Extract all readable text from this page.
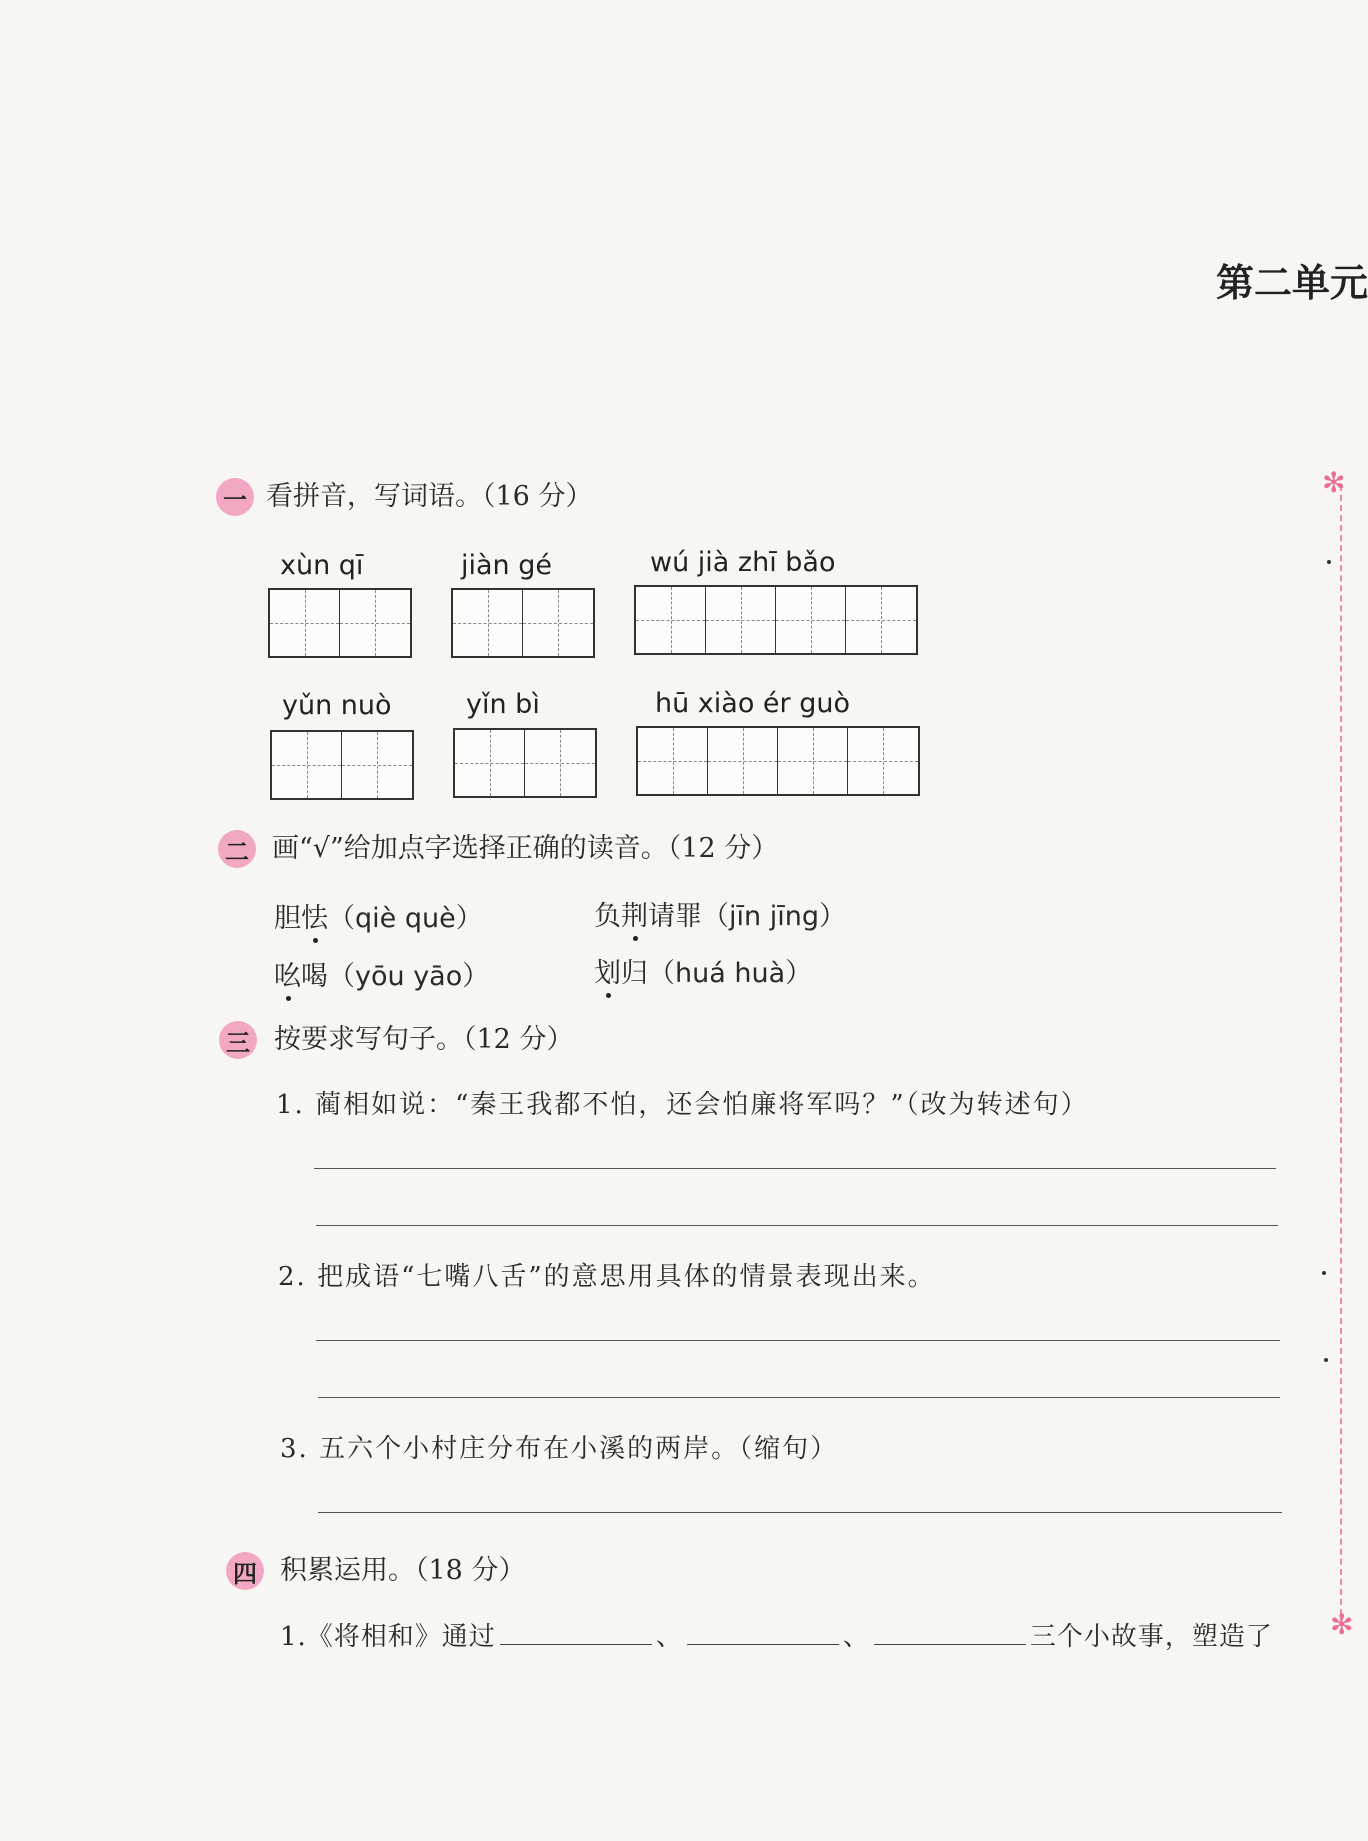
第二单元
✻
✻
一 看拼音，写词语。（16 分）
xùn qī	jiàn gé	wú jià zhī bǎo
yǔn nuò	yǐn bì	hū xiào ér guò
二 画“√”给加点字选择正确的读音。（12 分）
胆怯（qiè què）	负荆请罪（jīn jīng）
吆喝（yōu yāo）	划归（huá huà）
三 按要求写句子。（12 分）
1. 蔺相如说：“秦王我都不怕，还会怕廉将军吗？”（改为转述句）
2. 把成语“七嘴八舌”的意思用具体的情景表现出来。
3. 五六个小村庄分布在小溪的两岸。（缩句）
四 积累运用。（18 分）
1.《将相和》通过	、	、	三个小故事，塑造了
